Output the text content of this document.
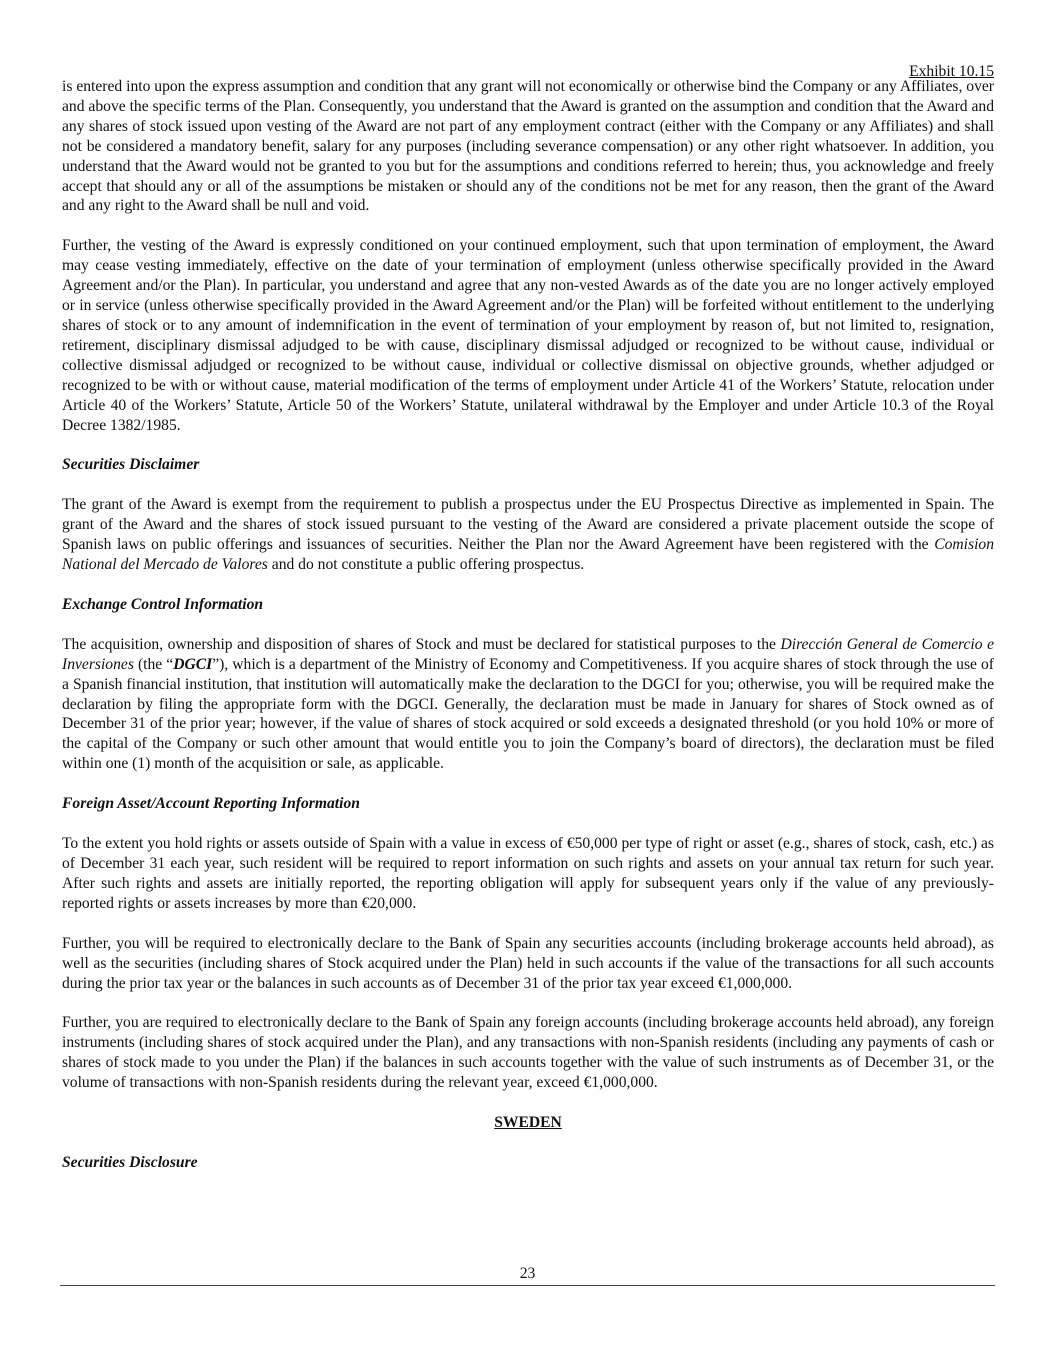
Exhibit 10.15

is entered into upon the express assumption and condition that any grant will not economically or otherwise bind the Company or any Affiliates, over and above the specific terms of the Plan. Consequently, you understand that the Award is granted on the assumption and condition that the Award and any shares of stock issued upon vesting of the Award are not part of any employment contract (either with the Company or any Affiliates) and shall not be considered a mandatory benefit, salary for any purposes (including severance compensation) or any other right whatsoever. In addition, you understand that the Award would not be granted to you but for the assumptions and conditions referred to herein; thus, you acknowledge and freely accept that should any or all of the assumptions be mistaken or should any of the conditions not be met for any reason, then the grant of the Award and any right to the Award shall be null and void.

Further, the vesting of the Award is expressly conditioned on your continued employment, such that upon termination of employment, the Award may cease vesting immediately, effective on the date of your termination of employment (unless otherwise specifically provided in the Award Agreement and/or the Plan). In particular, you understand and agree that any non-vested Awards as of the date you are no longer actively employed or in service (unless otherwise specifically provided in the Award Agreement and/or the Plan) will be forfeited without entitlement to the underlying shares of stock or to any amount of indemnification in the event of termination of your employment by reason of, but not limited to, resignation, retirement, disciplinary dismissal adjudged to be with cause, disciplinary dismissal adjudged or recognized to be without cause, individual or collective dismissal adjudged or recognized to be without cause, individual or collective dismissal on objective grounds, whether adjudged or recognized to be with or without cause, material modification of the terms of employment under Article 41 of the Workers’ Statute, relocation under Article 40 of the Workers’ Statute, Article 50 of the Workers’ Statute, unilateral withdrawal by the Employer and under Article 10.3 of the Royal Decree 1382/1985.

Securities Disclaimer

The grant of the Award is exempt from the requirement to publish a prospectus under the EU Prospectus Directive as implemented in Spain. The grant of the Award and the shares of stock issued pursuant to the vesting of the Award are considered a private placement outside the scope of Spanish laws on public offerings and issuances of securities. Neither the Plan nor the Award Agreement have been registered with the Comision National del Mercado de Valores and do not constitute a public offering prospectus.

Exchange Control Information

The acquisition, ownership and disposition of shares of Stock and must be declared for statistical purposes to the Dirección General de Comercio e Inversiones (the “DGCI”), which is a department of the Ministry of Economy and Competitiveness. If you acquire shares of stock through the use of a Spanish financial institution, that institution will automatically make the declaration to the DGCI for you; otherwise, you will be required make the declaration by filing the appropriate form with the DGCI. Generally, the declaration must be made in January for shares of Stock owned as of December 31 of the prior year; however, if the value of shares of stock acquired or sold exceeds a designated threshold (or you hold 10% or more of the capital of the Company or such other amount that would entitle you to join the Company’s board of directors), the declaration must be filed within one (1) month of the acquisition or sale, as applicable.

Foreign Asset/Account Reporting Information

To the extent you hold rights or assets outside of Spain with a value in excess of €50,000 per type of right or asset (e.g., shares of stock, cash, etc.) as of December 31 each year, such resident will be required to report information on such rights and assets on your annual tax return for such year. After such rights and assets are initially reported, the reporting obligation will apply for subsequent years only if the value of any previously-reported rights or assets increases by more than €20,000.

Further, you will be required to electronically declare to the Bank of Spain any securities accounts (including brokerage accounts held abroad), as well as the securities (including shares of Stock acquired under the Plan) held in such accounts if the value of the transactions for all such accounts during the prior tax year or the balances in such accounts as of December 31 of the prior tax year exceed €1,000,000.

Further, you are required to electronically declare to the Bank of Spain any foreign accounts (including brokerage accounts held abroad), any foreign instruments (including shares of stock acquired under the Plan), and any transactions with non-Spanish residents (including any payments of cash or shares of stock made to you under the Plan) if the balances in such accounts together with the value of such instruments as of December 31, or the volume of transactions with non-Spanish residents during the relevant year, exceed €1,000,000.

SWEDEN
Securities Disclosure
23
